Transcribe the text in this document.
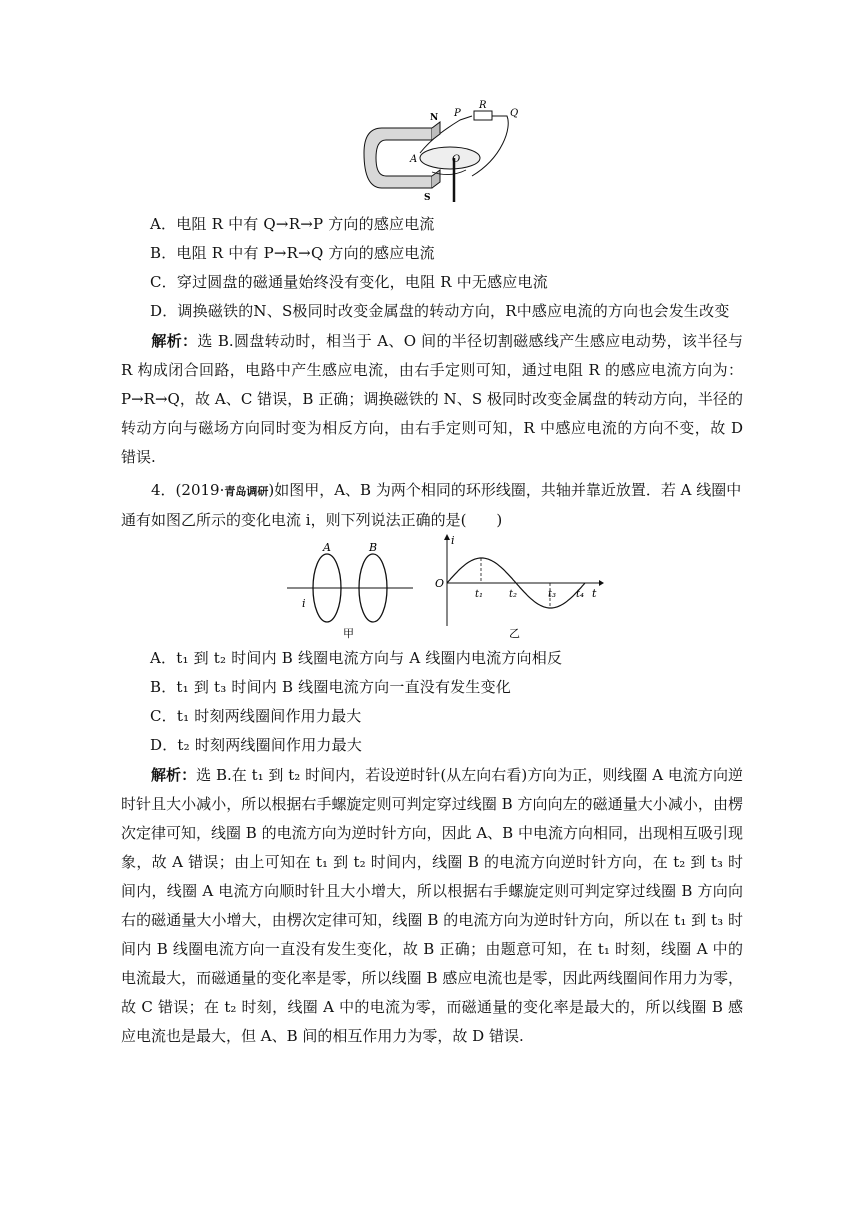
P
R
Q
N
S
A	O
A．电阻 R 中有 Q→R→P 方向的感应电流
B．电阻 R 中有 P→R→Q 方向的感应电流
C．穿过圆盘的磁通量始终没有变化，电阻 R 中无感应电流
D．调换磁铁的N、S极同时改变金属盘的转动方向，R中感应电流的方向也会发生改变
解析：选 B.圆盘转动时，相当于 A、O 间的半径切割磁感线产生感应电动势，该半径与 R 构成闭合回路，电路中产生感应电流，由右手定则可知，通过电阻 R 的感应电流方向为：P→R→Q，故 A、C 错误，B 正确；调换磁铁的 N、S 极同时改变金属盘的转动方向，半径的转动方向与磁场方向同时变为相反方向，由右手定则可知，R 中感应电流的方向不变，故 D 错误.
4．(2019·青岛调研)如图甲，A、B 为两个相同的环形线圈，共轴并靠近放置．若 A 线圈中通有如图乙所示的变化电流 i，则下列说法正确的是(　　)
A	B
i
甲
i
O
t
t₁	t₂	t₃ t₄
乙
A．t₁ 到 t₂ 时间内 B 线圈电流方向与 A 线圈内电流方向相反
B．t₁ 到 t₃ 时间内 B 线圈电流方向一直没有发生变化
C．t₁ 时刻两线圈间作用力最大
D．t₂ 时刻两线圈间作用力最大
解析：选 B.在 t₁ 到 t₂ 时间内，若设逆时针(从左向右看)方向为正，则线圈 A 电流方向逆时针且大小减小，所以根据右手螺旋定则可判定穿过线圈 B 方向向左的磁通量大小减小，由楞次定律可知，线圈 B 的电流方向为逆时针方向，因此 A、B 中电流方向相同，出现相互吸引现象，故 A 错误；由上可知在 t₁ 到 t₂ 时间内，线圈 B 的电流方向逆时针方向，在 t₂ 到 t₃ 时间内，线圈 A 电流方向顺时针且大小增大，所以根据右手螺旋定则可判定穿过线圈 B 方向向右的磁通量大小增大，由楞次定律可知，线圈 B 的电流方向为逆时针方向，所以在 t₁ 到 t₃ 时间内 B 线圈电流方向一直没有发生变化，故 B 正确；由题意可知，在 t₁ 时刻，线圈 A 中的电流最大，而磁通量的变化率是零，所以线圈 B 感应电流也是零，因此两线圈间作用力为零，故 C 错误；在 t₂ 时刻，线圈 A 中的电流为零，而磁通量的变化率是最大的，所以线圈 B 感应电流也是最大，但 A、B 间的相互作用力为零，故 D 错误.
